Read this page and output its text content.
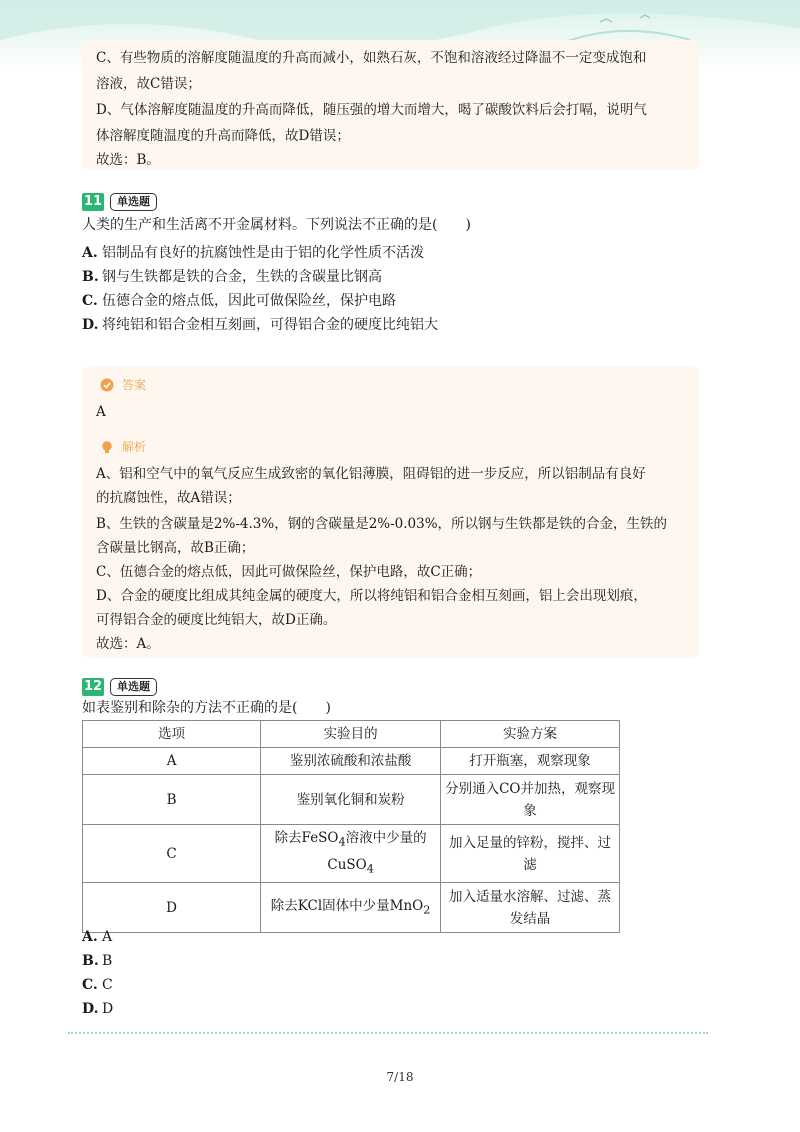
C、有些物质的溶解度随温度的升高而减小，如熟石灰，不饱和溶液经过降温不一定变成饱和
溶液，故C错误；
D、气体溶解度随温度的升高而降低，随压强的增大而增大，喝了碳酸饮料后会打嗝，说明气
体溶解度随温度的升高而降低，故D错误；
故选：B。
11	单选题
人类的生产和生活离不开金属材料。下列说法不正确的是(　　)
A. 铝制品有良好的抗腐蚀性是由于铝的化学性质不活泼
B. 钢与生铁都是铁的合金，生铁的含碳量比钢高
C. 伍德合金的熔点低，因此可做保险丝，保护电路
D. 将纯铝和铝合金相互刻画，可得铝合金的硬度比纯铝大
答案
A
解析
A、铝和空气中的氧气反应生成致密的氧化铝薄膜，阻碍铝的进一步反应，所以铝制品有良好
的抗腐蚀性，故A错误；
B、生铁的含碳量是2%-4.3%，钢的含碳量是2%-0.03%，所以钢与生铁都是铁的合金，生铁的
含碳量比钢高，故B正确；
C、伍德合金的熔点低，因此可做保险丝，保护电路，故C正确；
D、合金的硬度比组成其纯金属的硬度大，所以将纯铝和铝合金相互刻画，铝上会出现划痕，
可得铝合金的硬度比纯铝大，故D正确。
故选：A。
12	单选题
如表鉴别和除杂的方法不正确的是(　　)
选项	实验目的	实验方案
A	鉴别浓硫酸和浓盐酸	打开瓶塞，观察现象
B	鉴别氧化铜和炭粉	分别通入CO并加热，观察现象
C	除去FeSO$_4$溶液中少量的
CuSO$_4$	加入足量的锌粉，搅拌、过滤
D	除去KCl固体中少量MnO$_2$	加入适量水溶解、过滤、蒸发结晶
A. A
B. B
C. C
D. D
7/18
